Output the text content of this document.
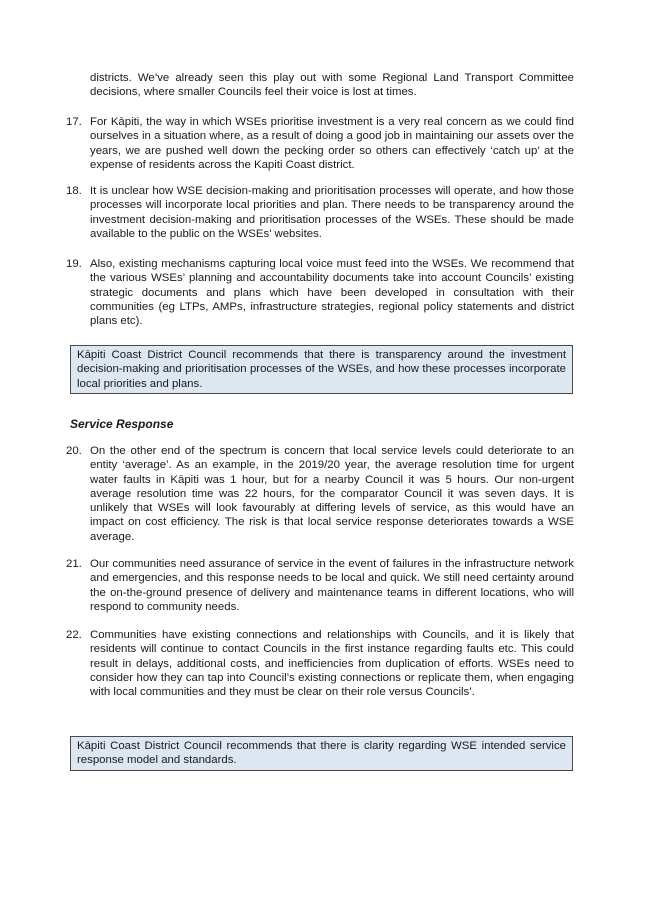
districts. We’ve already seen this play out with some Regional Land Transport Committee decisions, where smaller Councils feel their voice is lost at times.

17. For Kāpiti, the way in which WSEs prioritise investment is a very real concern as we could find ourselves in a situation where, as a result of doing a good job in maintaining our assets over the years, we are pushed well down the pecking order so others can effectively ‘catch up’ at the expense of residents across the Kapiti Coast district.

18. It is unclear how WSE decision-making and prioritisation processes will operate, and how those processes will incorporate local priorities and plan. There needs to be transparency around the investment decision-making and prioritisation processes of the WSEs. These should be made available to the public on the WSEs’ websites.

19. Also, existing mechanisms capturing local voice must feed into the WSEs. We recommend that the various WSEs’ planning and accountability documents take into account Councils’ existing strategic documents and plans which have been developed in consultation with their communities (eg LTPs, AMPs, infrastructure strategies, regional policy statements and district plans etc).

Kāpiti Coast District Council recommends that there is transparency around the investment decision-making and prioritisation processes of the WSEs, and how these processes incorporate local priorities and plans.

Service Response

20. On the other end of the spectrum is concern that local service levels could deteriorate to an entity ‘average’. As an example, in the 2019/20 year, the average resolution time for urgent water faults in Kāpiti was 1 hour, but for a nearby Council it was 5 hours. Our non-urgent average resolution time was 22 hours, for the comparator Council it was seven days. It is unlikely that WSEs will look favourably at differing levels of service, as this would have an impact on cost efficiency. The risk is that local service response deteriorates towards a WSE average.

21. Our communities need assurance of service in the event of failures in the infrastructure network and emergencies, and this response needs to be local and quick. We still need certainty around the on-the-ground presence of delivery and maintenance teams in different locations, who will respond to community needs.

22. Communities have existing connections and relationships with Councils, and it is likely that residents will continue to contact Councils in the first instance regarding faults etc. This could result in delays, additional costs, and inefficiencies from duplication of efforts. WSEs need to consider how they can tap into Council’s existing connections or replicate them, when engaging with local communities and they must be clear on their role versus Councils’.

Kāpiti Coast District Council recommends that there is clarity regarding WSE intended service response model and standards.
